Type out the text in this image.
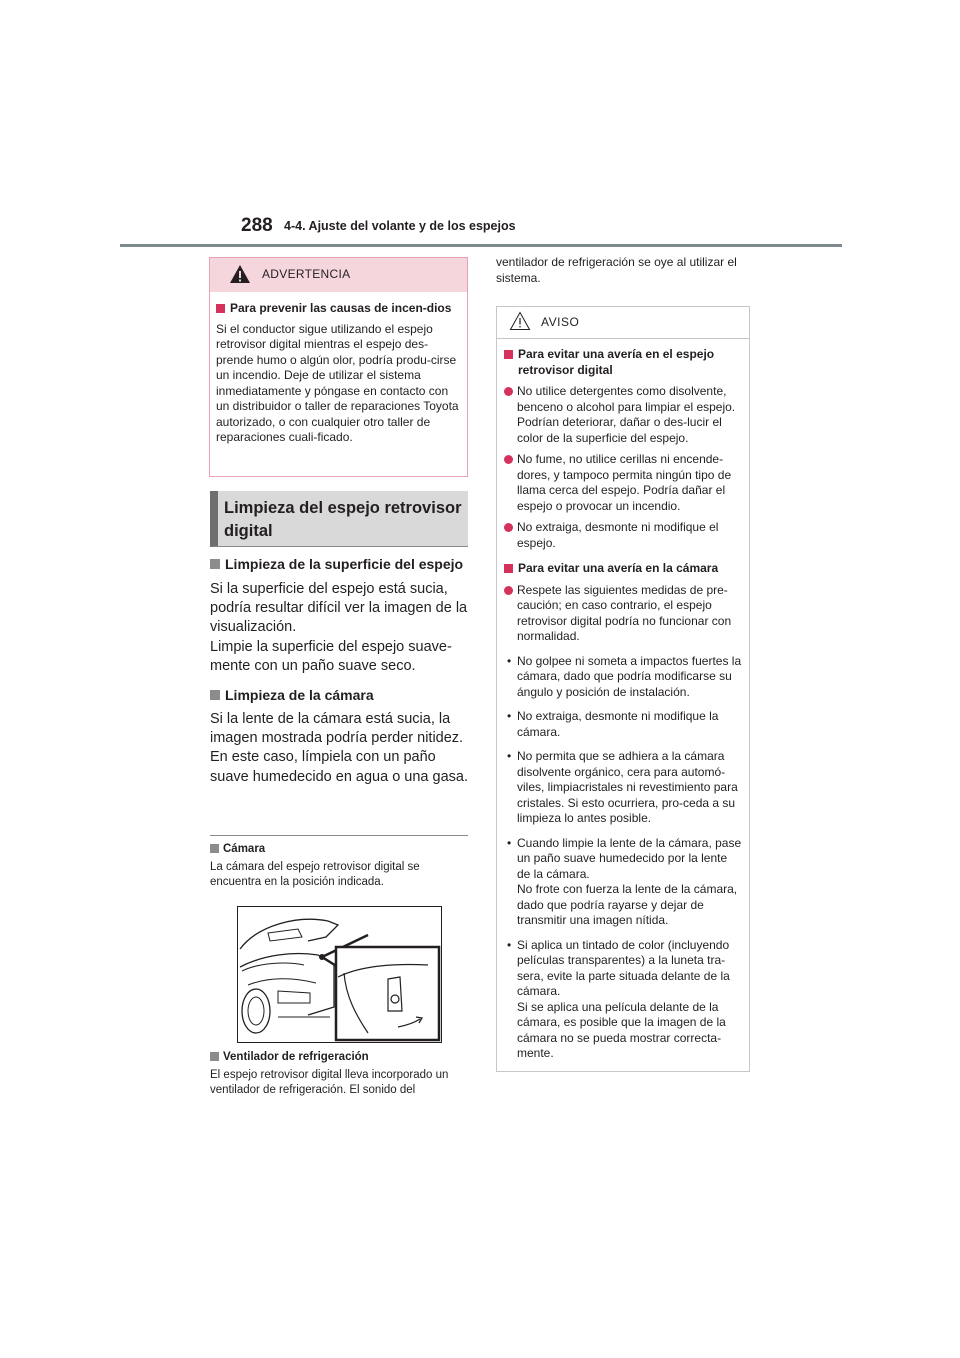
288 4-4. Ajuste del volante y de los espejos
ADVERTENCIA
Para prevenir las causas de incen-dios
Si el conductor sigue utilizando el espejo retrovisor digital mientras el espejo des-prende humo o algún olor, podría produ-cirse un incendio. Deje de utilizar el sistema inmediatamente y póngase en contacto con un distribuidor o taller de reparaciones Toyota autorizado, o con cualquier otro taller de reparaciones cuali-ficado.
Limpieza del espejo retrovisor digital
Limpieza de la superficie del espejo
Si la superficie del espejo está sucia, podría resultar difícil ver la imagen de la visualización.
Limpie la superficie del espejo suave-mente con un paño suave seco.
Limpieza de la cámara
Si la lente de la cámara está sucia, la imagen mostrada podría perder nitidez. En este caso, límpiela con un paño suave humedecido en agua o una gasa.
Cámara
La cámara del espejo retrovisor digital se encuentra en la posición indicada.
Ventilador de refrigeración
El espejo retrovisor digital lleva incorporado un ventilador de refrigeración. El sonido del
ventilador de refrigeración se oye al utilizar el sistema.
AVISO
Para evitar una avería en el espejo retrovisor digital
No utilice detergentes como disolvente, benceno o alcohol para limpiar el espejo. Podrían deteriorar, dañar o des-lucir el color de la superficie del espejo.
No fume, no utilice cerillas ni encende-dores, y tampoco permita ningún tipo de llama cerca del espejo. Podría dañar el espejo o provocar un incendio.
No extraiga, desmonte ni modifique el espejo.
Para evitar una avería en la cámara
Respete las siguientes medidas de pre-caución; en caso contrario, el espejo retrovisor digital podría no funcionar con normalidad.
• No golpee ni someta a impactos fuertes la cámara, dado que podría modificarse su ángulo y posición de instalación.
• No extraiga, desmonte ni modifique la cámara.
• No permita que se adhiera a la cámara disolvente orgánico, cera para automó-viles, limpiacristales ni revestimiento para cristales. Si esto ocurriera, pro-ceda a su limpieza lo antes posible.
• Cuando limpie la lente de la cámara, pase un paño suave humedecido por la lente de la cámara.
No frote con fuerza la lente de la cámara, dado que podría rayarse y dejar de transmitir una imagen nítida.
• Si aplica un tintado de color (incluyendo películas transparentes) a la luneta tra-sera, evite la parte situada delante de la cámara.
Si se aplica una película delante de la cámara, es posible que la imagen de la cámara no se pueda mostrar correcta-mente.
